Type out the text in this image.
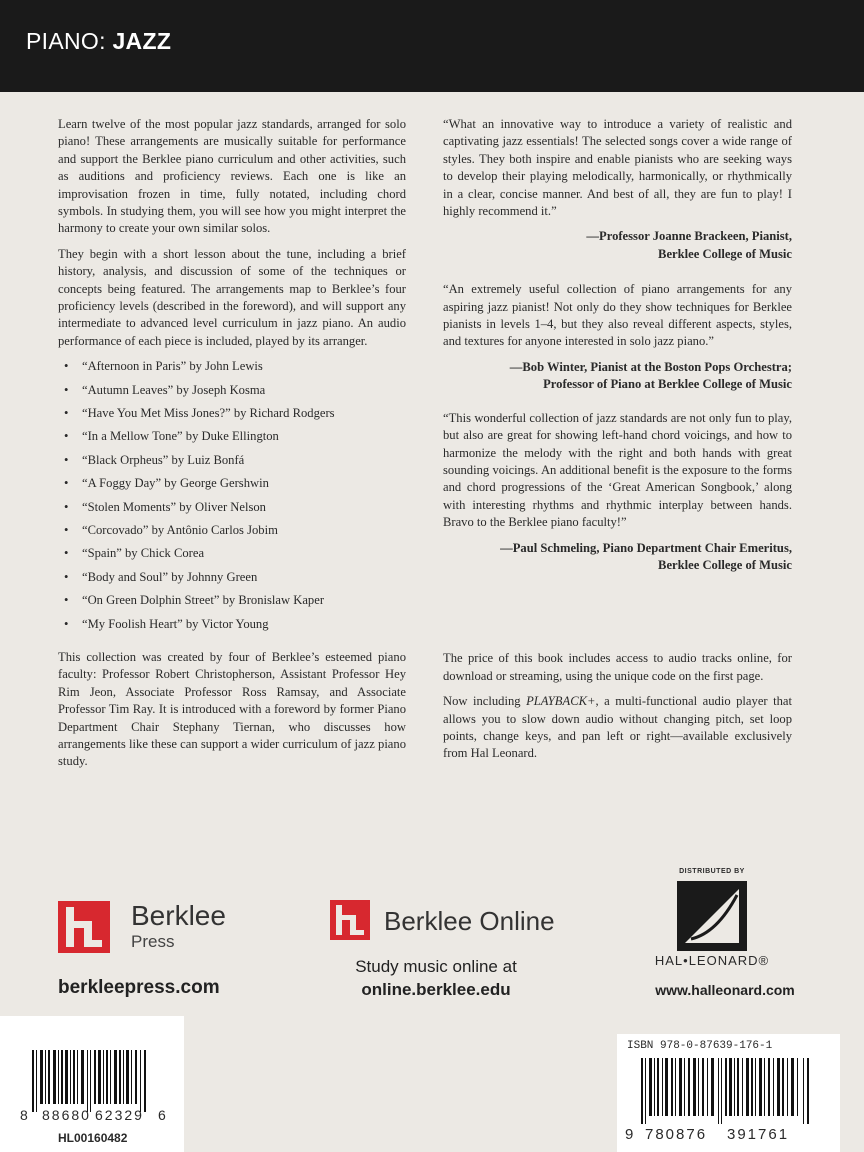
PIANO: JAZZ

Learn twelve of the most popular jazz standards, arranged for solo piano! These arrangements are musically suitable for performance and support the Berklee piano curriculum and other activities, such as auditions and proficiency reviews. Each one is like an improvisation frozen in time, fully notated, including chord symbols. In studying them, you will see how you might interpret the harmony to create your own similar solos.

They begin with a short lesson about the tune, including a brief history, analysis, and discussion of some of the techniques or concepts being featured. The arrangements map to Berklee’s four proficiency levels (described in the foreword), and will support any intermediate to advanced level curriculum in jazz piano. An audio performance of each piece is included, played by its arranger.

• “Afternoon in Paris” by John Lewis
• “Autumn Leaves” by Joseph Kosma
• “Have You Met Miss Jones?” by Richard Rodgers
• “In a Mellow Tone” by Duke Ellington
• “Black Orpheus” by Luiz Bonfá
• “A Foggy Day” by George Gershwin
• “Stolen Moments” by Oliver Nelson
• “Corcovado” by Antônio Carlos Jobim
• “Spain” by Chick Corea
• “Body and Soul” by Johnny Green
• “On Green Dolphin Street” by Bronislaw Kaper
• “My Foolish Heart” by Victor Young

This collection was created by four of Berklee’s esteemed piano faculty: Professor Robert Christopherson, Assistant Professor Hey Rim Jeon, Associate Professor Ross Ramsay, and Associate Professor Tim Ray. It is introduced with a foreword by former Piano Department Chair Stephany Tiernan, who discusses how arrangements like these can support a wider curriculum of jazz piano study.

“What an innovative way to introduce a variety of realistic and captivating jazz essentials! The selected songs cover a wide range of styles. They both inspire and enable pianists who are seeking ways to develop their playing melodically, harmonically, or rhythmically in a clear, concise manner. And best of all, they are fun to play! I highly recommend it.”

—Professor Joanne Brackeen, Pianist,
Berklee College of Music

“An extremely useful collection of piano arrangements for any aspiring jazz pianist! Not only do they show techniques for Berklee pianists in levels 1–4, but they also reveal different aspects, styles, and textures for anyone interested in solo jazz piano.”

—Bob Winter, Pianist at the Boston Pops Orchestra;
Professor of Piano at Berklee College of Music

“This wonderful collection of jazz standards are not only fun to play, but also are great for showing left-hand chord voicings, and how to harmonize the melody with the right and both hands with great sounding voicings. An additional benefit is the exposure to the forms and chord progressions of the ‘Great American Songbook,’ along with interesting rhythms and rhythmic interplay between hands. Bravo to the Berklee piano faculty!”

—Paul Schmeling, Piano Department Chair Emeritus,
Berklee College of Music

The price of this book includes access to audio tracks online, for download or streaming, using the unique code on the first page.

Now including PLAYBACK+, a multi-functional audio player that allows you to slow down audio without changing pitch, set loop points, change keys, and pan left or right—available exclusively from Hal Leonard.

Berklee
Press
berkleepress.com
Berklee Online
Study music online at
online.berklee.edu
DISTRIBUTED BY
HAL•LEONARD®
www.halleonard.com
8 88680 62329 6
HL00160482
ISBN 978-0-87639-176-1
9 780876 391761
